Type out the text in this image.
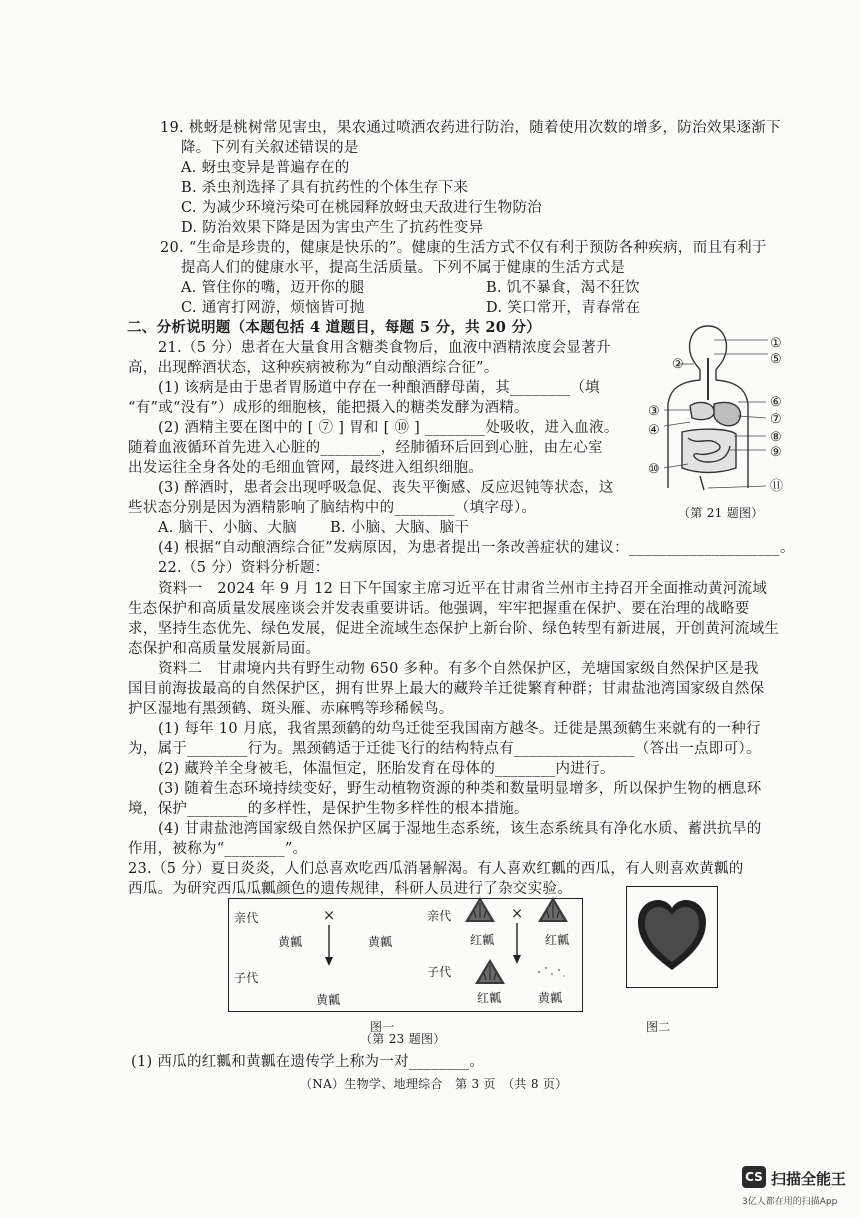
19. 桃蚜是桃树常见害虫，果农通过喷洒农药进行防治，随着使用次数的增多，防治效果逐渐下
降。下列有关叙述错误的是
A. 蚜虫变异是普遍存在的
B. 杀虫剂选择了具有抗药性的个体生存下来
C. 为减少环境污染可在桃园释放蚜虫天敌进行生物防治
D. 防治效果下降是因为害虫产生了抗药性变异
20. “生命是珍贵的，健康是快乐的”。健康的生活方式不仅有利于预防各种疾病，而且有利于
提高人们的健康水平，提高生活质量。下列不属于健康的生活方式是
A. 管住你的嘴，迈开你的腿	B. 饥不暴食，渴不狂饮
C. 通宵打网游，烦恼皆可抛	D. 笑口常开，青春常在
二、分析说明题（本题包括 4 道题目，每题 5 分，共 20 分）
21.（5 分）患者在大量食用含糖类食物后，血液中酒精浓度会显著升
高，出现醉酒状态，这种疾病被称为“自动酿酒综合征”。
(1) 该病是由于患者胃肠道中存在一种酿酒酵母菌，其________（填
“有”或“没有”）成形的细胞核，能把摄入的糖类发酵为酒精。
(2) 酒精主要在图中的 [ ⑦ ] 胃和 [ ⑩ ] ________处吸收，进入血液。
随着血液循环首先进入心脏的________，经肺循环后回到心脏，由左心室
出发运往全身各处的毛细血管网，最终进入组织细胞。
(3) 醉酒时，患者会出现呼吸急促、丧失平衡感、反应迟钝等状态，这
些状态分别是因为酒精影响了脑结构中的________（填字母）。
A. 脑干、小脑、大脑 B. 小脑、大脑、脑干
(4) 根据“自动酿酒综合征”发病原因，为患者提出一条改善症状的建议：____________________。
①
②	⑤
③
④
⑥
⑦
⑧
⑨
⑩
⑪
（第 21 题图）
22.（5 分）资料分析题：
资料一　2024 年 9 月 12 日下午国家主席习近平在甘肃省兰州市主持召开全面推动黄河流域
生态保护和高质量发展座谈会并发表重要讲话。他强调，牢牢把握重在保护、要在治理的战略要
求，坚持生态优先、绿色发展，促进全流域生态保护上新台阶、绿色转型有新进展，开创黄河流域生
态保护和高质量发展新局面。
资料二　甘肃境内共有野生动物 650 多种。有多个自然保护区，羌塘国家级自然保护区是我
国目前海拔最高的自然保护区，拥有世界上最大的藏羚羊迁徙繁育种群；甘肃盐池湾国家级自然保
护区湿地有黑颈鹤、斑头雁、赤麻鸭等珍稀候鸟。
(1) 每年 10 月底，我省黑颈鹤的幼鸟迁徙至我国南方越冬。迁徙是黑颈鹤生来就有的一种行
为，属于________行为。黑颈鹤适于迁徙飞行的结构特点有________________（答出一点即可）。
(2) 藏羚羊全身被毛，体温恒定，胚胎发育在母体的________内进行。
(3) 随着生态环境持续变好，野生动植物资源的种类和数量明显增多，所以保护生物的栖息环
境，保护________的多样性，是保护生物多样性的根本措施。
(4) 甘肃盐池湾国家级自然保护区属于湿地生态系统，该生态系统具有净化水质、蓄洪抗旱的
作用，被称为“________”。
23.（5 分）夏日炎炎，人们总喜欢吃西瓜消暑解渴。有人喜欢红瓤的西瓜，有人则喜欢黄瓤的
西瓜。为研究西瓜瓜瓤颜色的遗传规律，科研人员进行了杂交实验。
亲代	×
黄瓤	黄瓤
子代
黄瓤
亲代	×
红瓤	红瓤
子代
红瓤	黄瓤
图一
（第 23 题图）
图二
(1) 西瓜的红瓤和黄瓤在遗传学上称为一对________。
（NA）生物学、地理综合　第 3 页　（共 8 页）
CS 扫描全能王
3亿人都在用的扫描App
